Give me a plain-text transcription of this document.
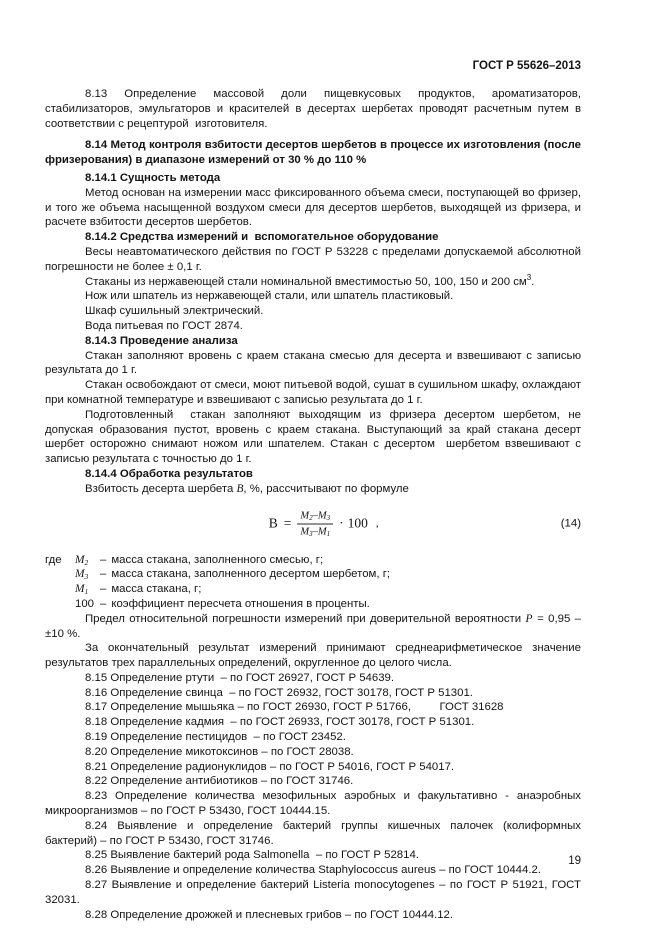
ГОСТ Р 55626–2013

8.13 Определение массовой доли пищевкусовых продуктов, ароматизаторов, стабилизаторов, эмульгаторов и красителей в десертах шербетах проводят расчетным путем в соответствии с рецептурой  изготовителя.

8.14 Метод контроля взбитости десертов шербетов в процессе их изготовления (после фризерования) в диапазоне измерений от 30 % до 110 %

8.14.1 Сущность метода

Метод основан на измерении масс фиксированного объема смеси, поступающей во фризер, и того же объема насыщенной воздухом смеси для десертов шербетов, выходящей из фризера, и расчете взбитости десертов шербетов.

8.14.2 Средства измерений и  вспомогательное оборудование

Весы неавтоматического действия по ГОСТ Р 53228 с пределами допускаемой абсолютной погрешности не более ± 0,1 г.

Стаканы из нержавеющей стали номинальной вместимостью 50, 100, 150 и 200 $см^3$.

Нож или шпатель из нержавеющей стали, или шпатель пластиковый.

Шкаф сушильный электрический.

Вода питьевая по ГОСТ 2874.

8.14.3 Проведение анализа

Стакан заполняют вровень с краем стакана смесью для десерта и взвешивают с записью результата до 1 г.

Стакан освобождают от смеси, моют питьевой водой, сушат в сушильном шкафу, охлаждают при комнатной температуре и взвешивают с записью результата до 1 г.

Подготовленный  стакан заполняют выходящим из фризера десертом шербетом, не допуская образования пустот, вровень с краем стакана. Выступающий за край стакана десерт шербет осторожно снимают ножом или шпателем. Стакан с десертом  шербетом взвешивают с записью результата с точностью до 1 г.

8.14.4 Обработка результатов

Взбитость десерта шербета В, %, рассчитывают по формуле

$В = \frac{М_2-М_3}{М_3-М_1} \cdot 100$ ,	(14)

где $М_2$ – масса стакана, заполненного смесью, г;

$М_3$ – масса стакана, заполненного десертом шербетом, г;

$М_1$ – масса стакана, г;

100 – коэффициент пересчета отношения в проценты.

Предел относительной погрешности измерений при доверительной вероятности Р = 0,95 – ±10 %.

За окончательный результат измерений принимают среднеарифметическое значение результатов трех параллельных определений, округленное до целого числа.

8.15 Определение ртути  – по ГОСТ 26927, ГОСТ Р 54639.

8.16 Определение свинца  – по ГОСТ 26932, ГОСТ 30178, ГОСТ Р 51301.

8.17 Определение мышьяка – по ГОСТ 26930, ГОСТ Р 51766,         ГОСТ 31628

8.18 Определение кадмия  – по ГОСТ 26933, ГОСТ 30178, ГОСТ Р 51301.

8.19 Определение пестицидов  – по ГОСТ 23452.

8.20 Определение микотоксинов – по ГОСТ 28038.

8.21 Определение радионуклидов – по ГОСТ Р 54016, ГОСТ Р 54017.

8.22 Определение антибиотиков – по ГОСТ 31746.

8.23 Определение количества мезофильных аэробных и факультативно - анаэробных микроорганизмов – по ГОСТ Р 53430, ГОСТ 10444.15.

8.24 Выявление и определение бактерий группы кишечных палочек (колиформных бактерий) – по ГОСТ Р 53430, ГОСТ 31746.

8.25 Выявление бактерий рода Salmonella  – по ГОСТ Р 52814.

8.26 Выявление и определение количества Staphylococcus aureus – по ГОСТ 10444.2.

8.27 Выявление и определение бактерий Listeria monocytogenes – по ГОСТ Р 51921, ГОСТ 32031.

8.28 Определение дрожжей и плесневых грибов – по ГОСТ 10444.12.

19
